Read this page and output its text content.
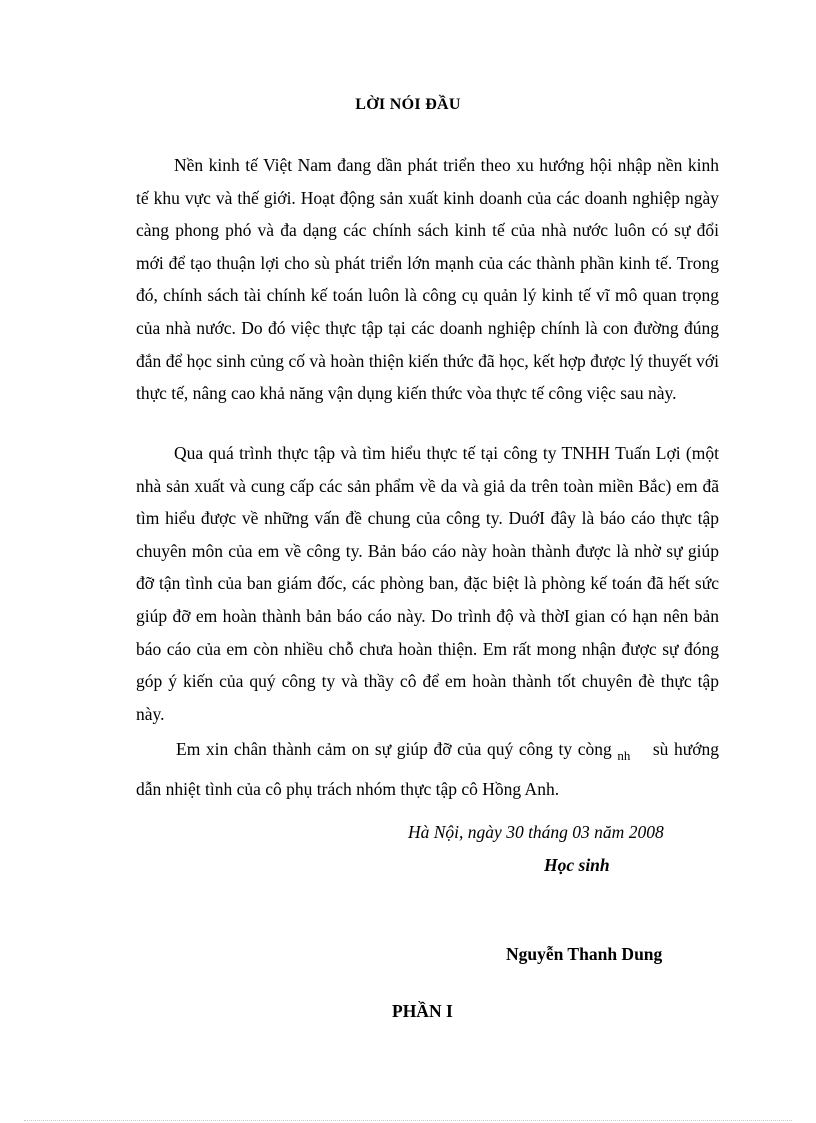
LỜI NÓI ĐẦU

Nền kinh tế Việt Nam đang dần phát triển theo xu hướng hội nhập nền kinh tế khu vực và thế giới. Hoạt động sản xuất kinh doanh của các doanh nghiệp ngày càng phong phó và đa dạng các chính sách kinh tế của nhà nước luôn có sự đổi mới để tạo thuận lợi cho sù phát triển lớn mạnh của các thành phần kinh tế. Trong đó, chính sách tài chính kế toán luôn là công cụ quản lý kinh tế vĩ mô quan trọng của nhà nước. Do đó việc thực tập tại các doanh nghiệp chính là con đường đúng đắn để học sinh củng cố và hoàn thiện kiến thức đã học, kết hợp được lý thuyết với thực tế, nâng cao khả năng vận dụng kiến thức vòa thực tế công việc sau này.

Qua quá trình thực tập và tìm hiểu thực tế tại công ty TNHH Tuấn Lợi (một nhà sản xuất và cung cấp các sản phẩm về da và giả da trên toàn miền Bắc) em đã tìm hiểu được về những vấn đề chung của công ty. DuớI đây là báo cáo thực tập chuyên môn của em về công ty. Bản báo cáo này hoàn thành được là nhờ sự giúp đỡ tận tình của ban giám đốc, các phòng ban, đặc biệt là phòng kế toán đã hết sức giúp đỡ em hoàn thành bản báo cáo này. Do trình độ và thờI gian có hạn nên bản báo cáo của em còn nhiều chỗ chưa hoàn thiện. Em rất mong nhận được sự đóng góp ý kiến của quý công ty và thầy cô để em hoàn thành tốt chuyên đè thực tập này.

Em xin chân thành cảm on sự giúp đỡ của quý công ty còng $_{nh}$ sù hướng dẫn nhiệt tình của cô phụ trách nhóm thực tập cô Hồng Anh.

Hà Nội, ngày 30 tháng 03 năm 2008
Học sinh
Nguyễn Thanh Dung
PHẦN I
